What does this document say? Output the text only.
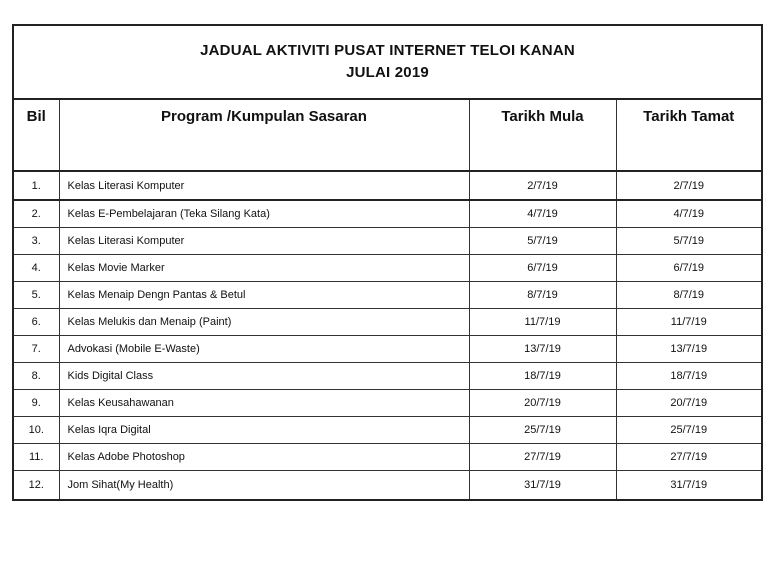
JADUAL AKTIVITI PUSAT INTERNET TELOI KANAN
JULAI 2019
Bil	Program /Kumpulan Sasaran	Tarikh Mula	Tarikh Tamat
1.	Kelas Literasi Komputer	2/7/19	2/7/19
2.	Kelas E-Pembelajaran (Teka Silang Kata)	4/7/19	4/7/19
3.	Kelas Literasi Komputer	5/7/19	5/7/19
4.	Kelas Movie Marker	6/7/19	6/7/19
5.	Kelas Menaip Dengn Pantas & Betul	8/7/19	8/7/19
6.	Kelas Melukis dan Menaip (Paint)	11/7/19	11/7/19
7.	Advokasi (Mobile E-Waste)	13/7/19	13/7/19
8.	Kids Digital Class	18/7/19	18/7/19
9.	Kelas Keusahawanan	20/7/19	20/7/19
10.	Kelas Iqra Digital	25/7/19	25/7/19
11.	Kelas Adobe Photoshop	27/7/19	27/7/19
12.	Jom Sihat(My Health)	31/7/19	31/7/19
